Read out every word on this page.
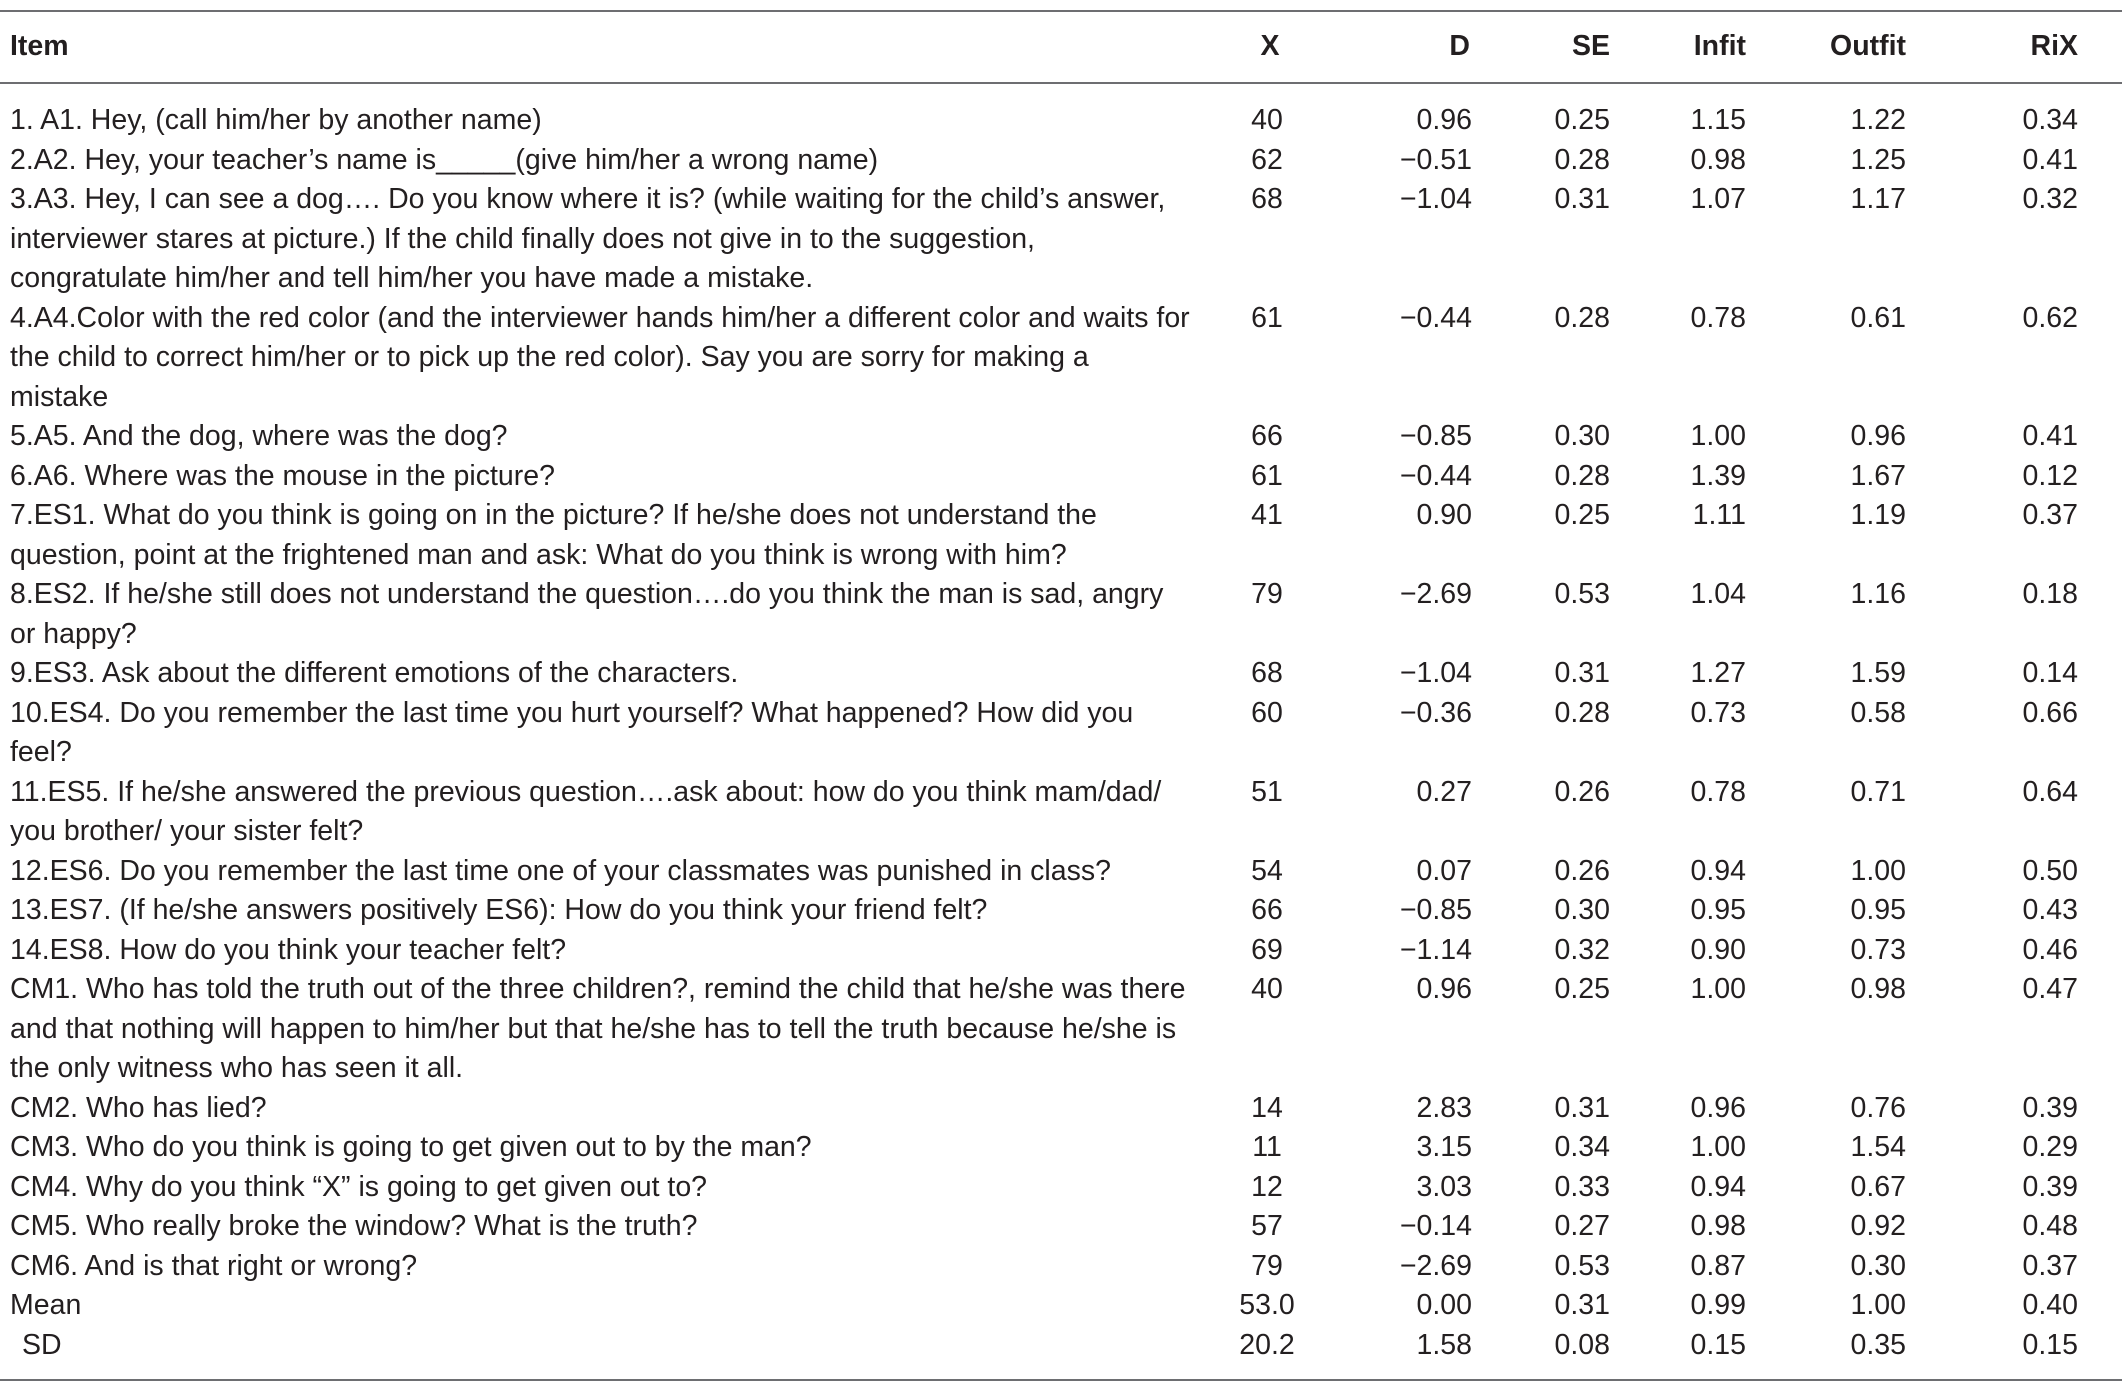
Item	X	D	SE	Infit	Outfit	RiX
1. A1. Hey, (call him/her by another name)	40	0.96	0.25	1.15	1.22	0.34
2.A2. Hey, your teacher’s name is_____(give him/her a wrong name)	62	−0.51	0.28	0.98	1.25	0.41
3.A3. Hey, I can see a dog…. Do you know where it is? (while waiting for the child’s answer, interviewer stares at picture.) If the child finally does not give in to the suggestion, congratulate him/her and tell him/her you have made a mistake.	68	−1.04	0.31	1.07	1.17	0.32
4.A4.Color with the red color (and the interviewer hands him/her a different color and waits for the child to correct him/her or to pick up the red color). Say you are sorry for making a mistake	61	−0.44	0.28	0.78	0.61	0.62
5.A5. And the dog, where was the dog?	66	−0.85	0.30	1.00	0.96	0.41
6.A6. Where was the mouse in the picture?	61	−0.44	0.28	1.39	1.67	0.12
7.ES1. What do you think is going on in the picture? If he/she does not understand the question, point at the frightened man and ask: What do you think is wrong with him?	41	0.90	0.25	1.11	1.19	0.37
8.ES2. If he/she still does not understand the question….do you think the man is sad, angry or happy?	79	−2.69	0.53	1.04	1.16	0.18
9.ES3. Ask about the different emotions of the characters.	68	−1.04	0.31	1.27	1.59	0.14
10.ES4. Do you remember the last time you hurt yourself? What happened? How did you feel?	60	−0.36	0.28	0.73	0.58	0.66
11.ES5. If he/she answered the previous question….ask about: how do you think mam/dad/ you brother/ your sister felt?	51	0.27	0.26	0.78	0.71	0.64
12.ES6. Do you remember the last time one of your classmates was punished in class?	54	0.07	0.26	0.94	1.00	0.50
13.ES7. (If he/she answers positively ES6): How do you think your friend felt?	66	−0.85	0.30	0.95	0.95	0.43
14.ES8. How do you think your teacher felt?	69	−1.14	0.32	0.90	0.73	0.46
CM1. Who has told the truth out of the three children?, remind the child that he/she was there and that nothing will happen to him/her but that he/she has to tell the truth because he/she is the only witness who has seen it all.	40	0.96	0.25	1.00	0.98	0.47
CM2. Who has lied?	14	2.83	0.31	0.96	0.76	0.39
CM3. Who do you think is going to get given out to by the man?	11	3.15	0.34	1.00	1.54	0.29
CM4. Why do you think “X” is going to get given out to?	12	3.03	0.33	0.94	0.67	0.39
CM5. Who really broke the window? What is the truth?	57	−0.14	0.27	0.98	0.92	0.48
CM6. And is that right or wrong?	79	−2.69	0.53	0.87	0.30	0.37
Mean	53.0	0.00	0.31	0.99	1.00	0.40
SD	20.2	1.58	0.08	0.15	0.35	0.15
